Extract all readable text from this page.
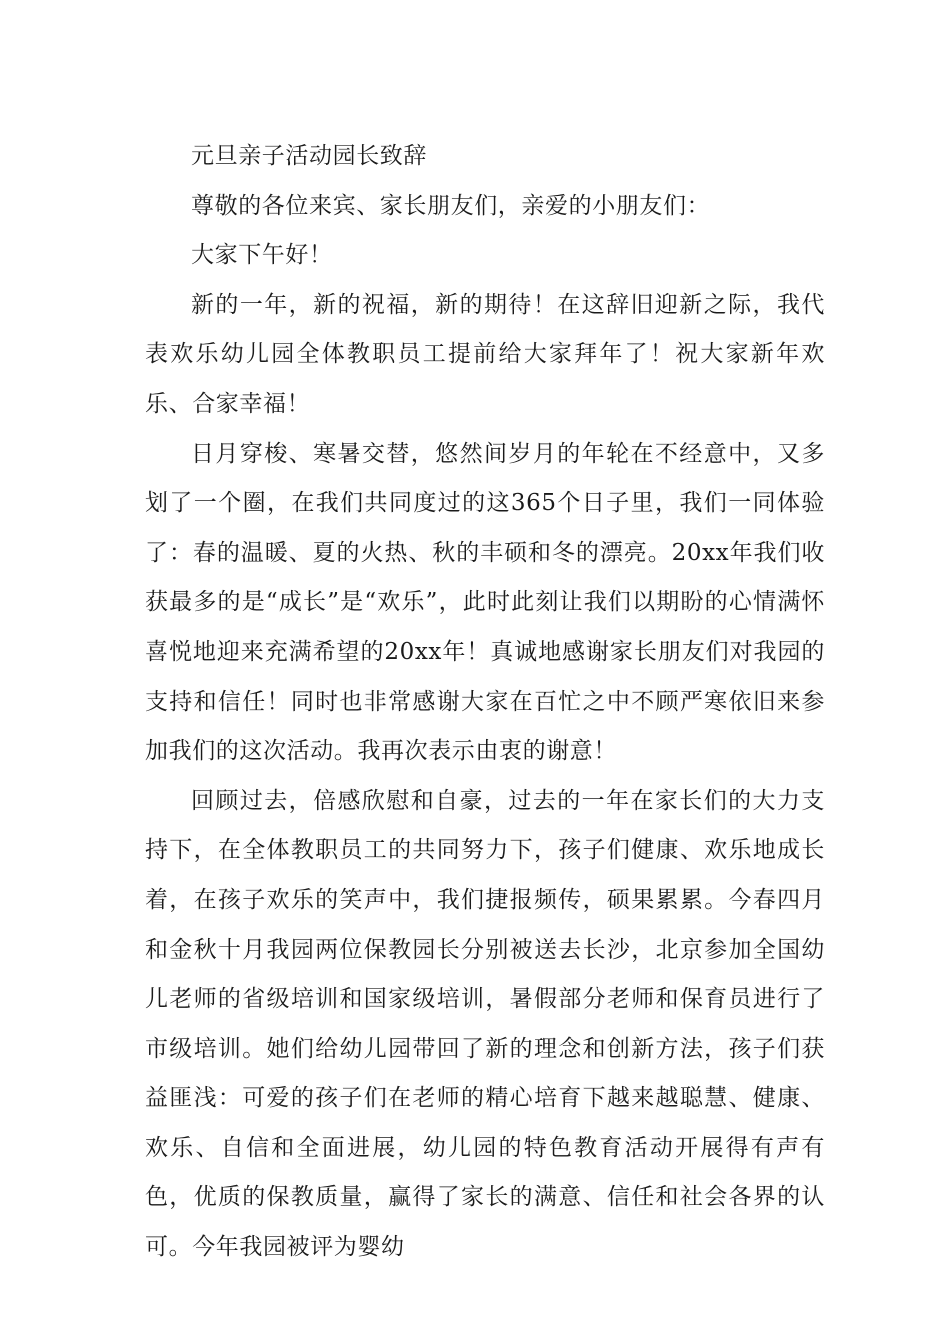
元旦亲子活动园长致辞

尊敬的各位来宾、家长朋友们，亲爱的小朋友们：

大家下午好！

新的一年，新的祝福，新的期待！在这辞旧迎新之际，我代表欢乐幼儿园全体教职员工提前给大家拜年了！祝大家新年欢乐、合家幸福！

日月穿梭、寒暑交替，悠然间岁月的年轮在不经意中，又多划了一个圈，在我们共同度过的这365个日子里，我们一同体验了：春的温暖、夏的火热、秋的丰硕和冬的漂亮。20xx年我们收获最多的是“成长”是“欢乐”，此时此刻让我们以期盼的心情满怀喜悦地迎来充满希望的20xx年！真诚地感谢家长朋友们对我园的支持和信任！同时也非常感谢大家在百忙之中不顾严寒依旧来参加我们的这次活动。我再次表示由衷的谢意！

回顾过去，倍感欣慰和自豪，过去的一年在家长们的大力支持下，在全体教职员工的共同努力下，孩子们健康、欢乐地成长着，在孩子欢乐的笑声中，我们捷报频传，硕果累累。今春四月和金秋十月我园两位保教园长分别被送去长沙，北京参加全国幼儿老师的省级培训和国家级培训，暑假部分老师和保育员进行了市级培训。她们给幼儿园带回了新的理念和创新方法，孩子们获益匪浅：可爱的孩子们在老师的精心培育下越来越聪慧、健康、欢乐、自信和全面进展，幼儿园的特色教育活动开展得有声有色，优质的保教质量，赢得了家长的满意、信任和社会各界的认可。今年我园被评为婴幼
